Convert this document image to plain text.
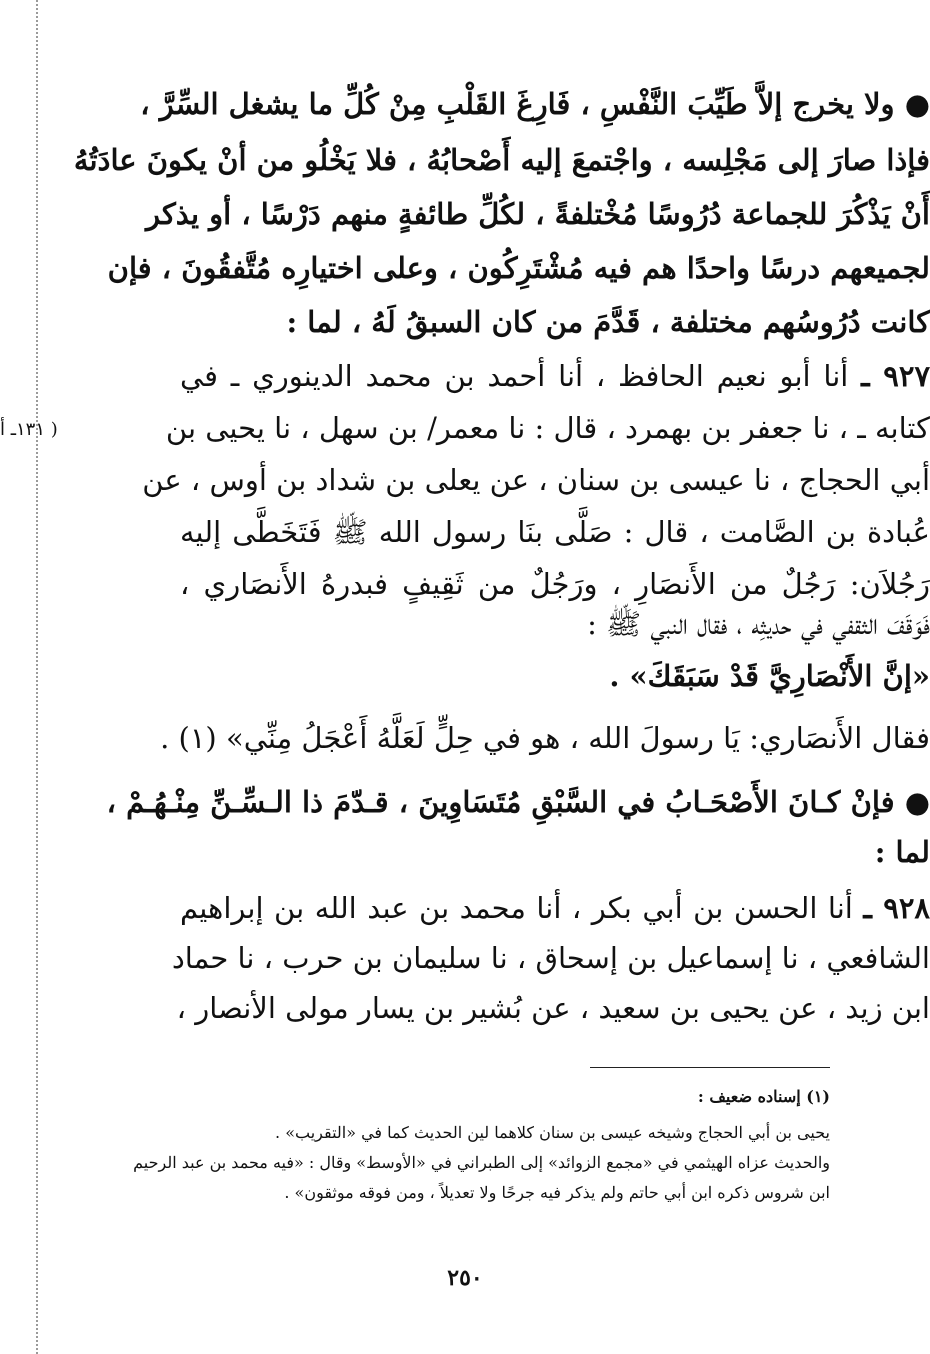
( ١٣١ـ أ
● ولا يخرج إلاَّ طَيِّبَ النَّفْسِ ، فَارِغَ القَلْبِ مِنْ كُلِّ ما يشغل السِّرَّ ،
فإذا صارَ إلى مَجْلِسه ، واجْتمعَ إليه أَصْحابُهُ ، فلا يَخْلُو من أنْ يكونَ عادَتُهُ
أَنْ يَذْكُرَ للجماعة دُرُوسًا مُخْتلفةً ، لكُلِّ طائفةٍ منهم دَرْسًا ، أو يذكر
لجميعهم درسًا واحدًا هم فيه مُشْتَرِكُون ، وعلى اختيارِه مُتَّفقُونَ ، فإن
كانت دُرُوسُهم مختلفة ، قَدَّمَ من كان السبقُ لَهُ ، لما :
٩٢٧ ـ أنا أبو نعيم الحافظ ، أنا أحمد بن محمد الدينوري ـ في
كتابه ـ ، نا جعفر بن بهمرد ، قال : نا معمر/ بن سهل ، نا يحيى بن
أبي الحجاج ، نا عيسى بن سنان ، عن يعلى بن شداد بن أوس ، عن
عُبادة بن الصَّامت ، قال : صَلَّى بنَا رسول الله ﷺ فَتَخَطَّى إليه
رَجُلاَن: رَجُلٌ من الأَنصَارِ ، ورَجُلٌ من ثَقِيفٍ فبدرهُ الأَنصَاري ،
فَوَقَفَ الثقفي في حديثِه ، فقال النبي ﷺ :
«إنَّ الأَنْصَارِيَّ قَدْ سَبَقَكَ» .
فقال الأَنصَاري: يَا رسولَ الله ، هو في حِلٍّ لَعَلَّهُ أَعْجَلُ مِنِّي» (١) .
● فإنْ كـانَ الأَصْحَـابُ في السَّبْقِ مُتَسَاوِينَ ، قـدّمَ ذا الـسِّـنِّ مِنْـهُـمْ ،
لما :
٩٢٨ ـ أنا الحسن بن أبي بكر ، أنا محمد بن عبد الله بن إبراهيم
الشافعي ، نا إسماعيل بن إسحاق ، نا سليمان بن حرب ، نا حماد
ابن زيد ، عن يحيى بن سعيد ، عن بُشير بن يسار مولى الأنصار ،
(١) إسناده ضعيف :
يحيى بن أبي الحجاج وشيخه عيسى بن سنان كلاهما لين الحديث كما في «التقريب» .
والحديث عزاه الهيثمي في «مجمع الزوائد» إلى الطبراني في «الأوسط» وقال : «فيه محمد بن عبد الرحيم
ابن شروس ذكره ابن أبي حاتم ولم يذكر فيه جرحًا ولا تعديلاً ، ومن فوقه موثقون» .
٢٥٠
